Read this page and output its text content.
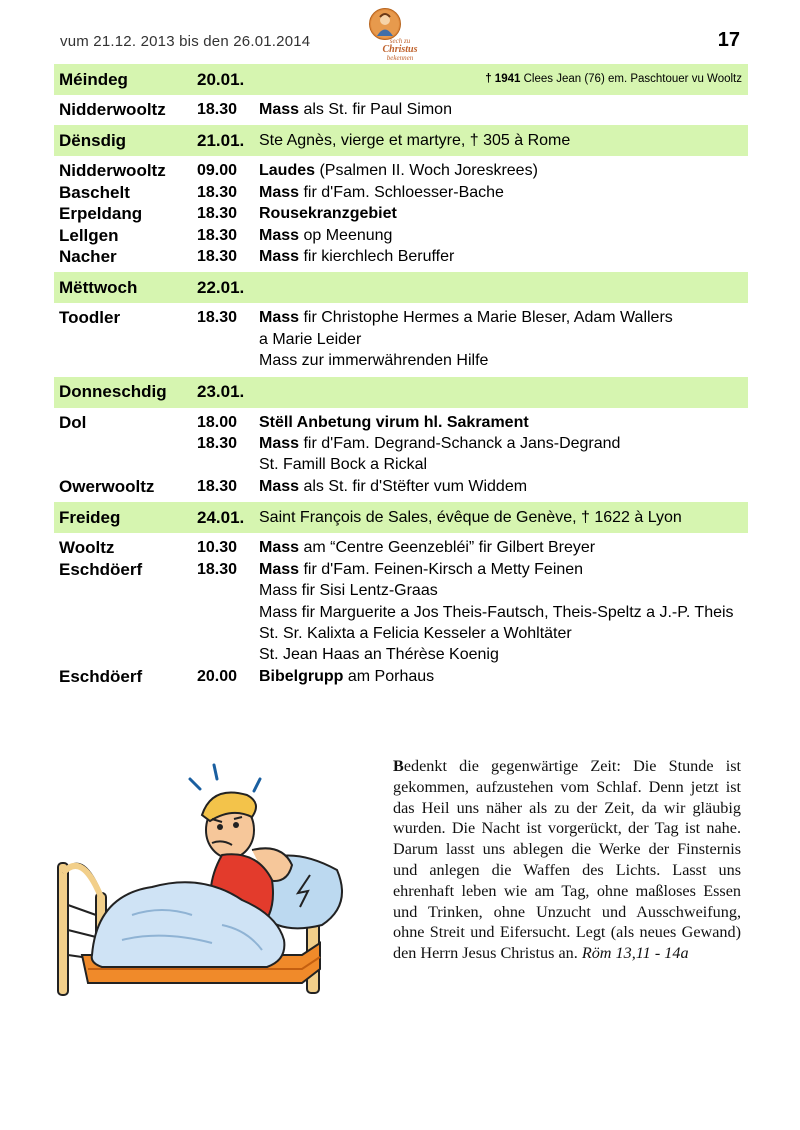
vum 21.12. 2013 bis den 26.01.2014	sech zu
Christus
bekennen
17
Méindeg	20.01.	† 1941 Clees Jean (76) em. Paschtouer vu Wooltz
Nidderwooltz	18.30	Mass als St. fir Paul Simon
Dënsdig	21.01. Ste Agnès, vierge et martyre, † 305 à Rome
Nidderwooltz	09.00	Laudes (Psalmen II. Woch Joreskrees)
Baschelt	18.30	Mass fir d'Fam. Schloesser-Bache
Erpeldang	18.30	Rousekranzgebiet
Lellgen	18.30	Mass op Meenung
Nacher	18.30	Mass fir kierchlech Beruffer
Mëttwoch	22.01.
Toodler	18.30	Mass fir Christophe Hermes a Marie Bleser, Adam Wallers
a Marie Leider
Mass zur immerwährenden Hilfe
Donneschdig	23.01.
Dol	18.00	Stëll Anbetung virum hl. Sakrament
18.30	Mass fir d'Fam. Degrand-Schanck a Jans-Degrand
St. Famill Bock a Rickal
Owerwooltz	18.30	Mass als St. fir d'Stëfter vum Widdem
Freideg	24.01. Saint François de Sales, évêque de Genève, † 1622 à Lyon
Wooltz	10.30	Mass am “Centre Geenzebléi” fir Gilbert Breyer
Eschdöerf	18.30	Mass fir d'Fam. Feinen-Kirsch a Metty Feinen
Mass fir Sisi Lentz-Graas
Mass fir Marguerite a Jos Theis-Fautsch, Theis-Speltz a J.-P. Theis
St. Sr. Kalixta a Felicia Kesseler a Wohltäter
St. Jean Haas an Thérèse Koenig
Eschdöerf	20.00	Bibelgrupp am Porhaus
Bedenkt die gegenwärtige Zeit: Die Stunde ist gekommen, aufzustehen vom Schlaf. Denn jetzt ist das Heil uns näher als zu der Zeit, da wir gläubig wurden. Die Nacht ist vorgerückt, der Tag ist nahe. Darum lasst uns ablegen die Werke der Finsternis und anlegen die Waffen des Lichts. Lasst uns ehrenhaft leben wie am Tag, ohne maßloses Essen und Trinken, ohne Unzucht und Ausschweifung, ohne Streit und Eifersucht. Legt (als neues Gewand) den Herrn Jesus Christus an. Röm 13,11 - 14a
